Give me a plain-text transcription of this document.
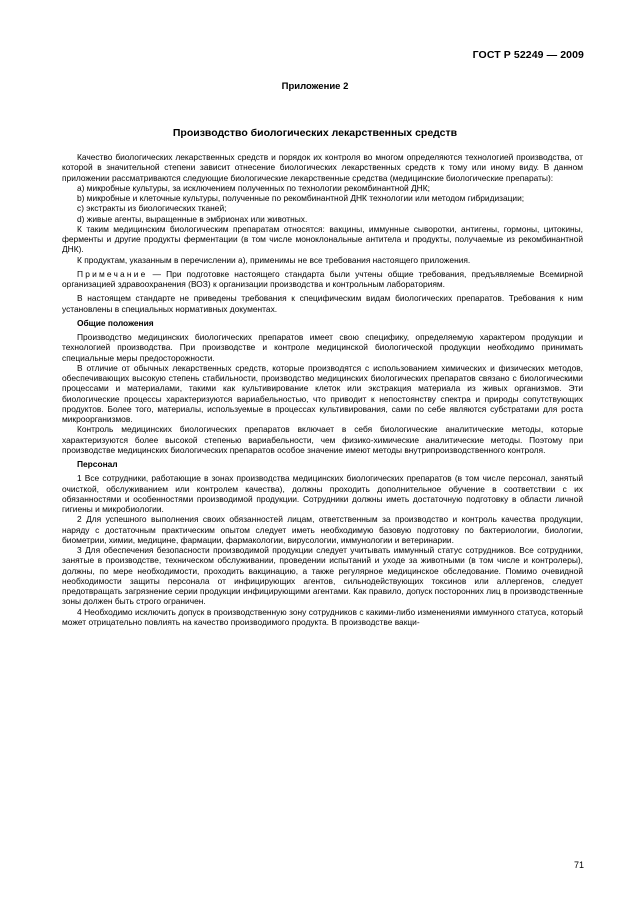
ГОСТ Р 52249 — 2009
Приложение 2
Производство биологических лекарственных средств

Качество биологических лекарственных средств и порядок их контроля во многом определяются технологией производства, от которой в значительной степени зависит отнесение биологических лекарственных средств к тому или иному виду. В данном приложении рассматриваются следующие биологические лекарственные средства (медицинские биологические препараты):

а) микробные культуры, за исключением полученных по технологии рекомбинантной ДНК;

b) микробные и клеточные культуры, полученные по рекомбинантной ДНК технологии или методом гибридизации;

c) экстракты из биологических тканей;

d) живые агенты, выращенные в эмбрионах или животных.

К таким медицинским биологическим препаратам относятся: вакцины, иммунные сыворотки, антигены, гормоны, цитокины, ферменты и другие продукты ферментации (в том числе моноклональные антитела и продукты, получаемые из рекомбинантной ДНК).

К продуктам, указанным в перечислении а), применимы не все требования настоящего приложения.

Примечание — При подготовке настоящего стандарта были учтены общие требования, предъявляемые Всемирной организацией здравоохранения (ВОЗ) к организации производства и контрольным лабораториям.

В настоящем стандарте не приведены требования к специфическим видам биологических препаратов. Требования к ним установлены в специальных нормативных документах.

Общие положения

Производство медицинских биологических препаратов имеет свою специфику, определяемую характером продукции и технологией производства. При производстве и контроле медицинской биологической продукции необходимо принимать специальные меры предосторожности.

В отличие от обычных лекарственных средств, которые производятся с использованием химических и физических методов, обеспечивающих высокую степень стабильности, производство медицинских биологических препаратов связано с биологическими процессами и материалами, такими как культивирование клеток или экстракция материала из живых организмов. Эти биологические процессы характеризуются вариабельностью, что приводит к непостоянству спектра и природы сопутствующих продуктов. Более того, материалы, используемые в процессах культивирования, сами по себе являются субстратами для роста микроорганизмов.

Контроль медицинских биологических препаратов включает в себя биологические аналитические методы, которые характеризуются более высокой степенью вариабельности, чем физико-химические аналитические методы. Поэтому при производстве медицинских биологических препаратов особое значение имеют методы внутрипроизводственного контроля.

Персонал

1 Все сотрудники, работающие в зонах производства медицинских биологических препаратов (в том числе персонал, занятый очисткой, обслуживанием или контролем качества), должны проходить дополнительное обучение в соответствии с их обязанностями и особенностями производимой продукции. Сотрудники должны иметь достаточную подготовку в области личной гигиены и микробиологии.

2 Для успешного выполнения своих обязанностей лицам, ответственным за производство и контроль качества продукции, наряду с достаточным практическим опытом следует иметь необходимую базовую подготовку по бактериологии, биологии, биометрии, химии, медицине, фармации, фармакологии, вирусологии, иммунологии и ветеринарии.

3 Для обеспечения безопасности производимой продукции следует учитывать иммунный статус сотрудников. Все сотрудники, занятые в производстве, техническом обслуживании, проведении испытаний и уходе за животными (в том числе и контролеры), должны, по мере необходимости, проходить вакцинацию, а также регулярное медицинское обследование. Помимо очевидной необходимости защиты персонала от инфицирующих агентов, сильнодействующих токсинов или аллергенов, следует предотвращать загрязнение серии продукции инфицирующими агентами. Как правило, допуск посторонних лиц в производственные зоны должен быть строго ограничен.

4 Необходимо исключить допуск в производственную зону сотрудников с какими-либо изменениями иммунного статуса, который может отрицательно повлиять на качество производимого продукта. В производстве вакци-

71
